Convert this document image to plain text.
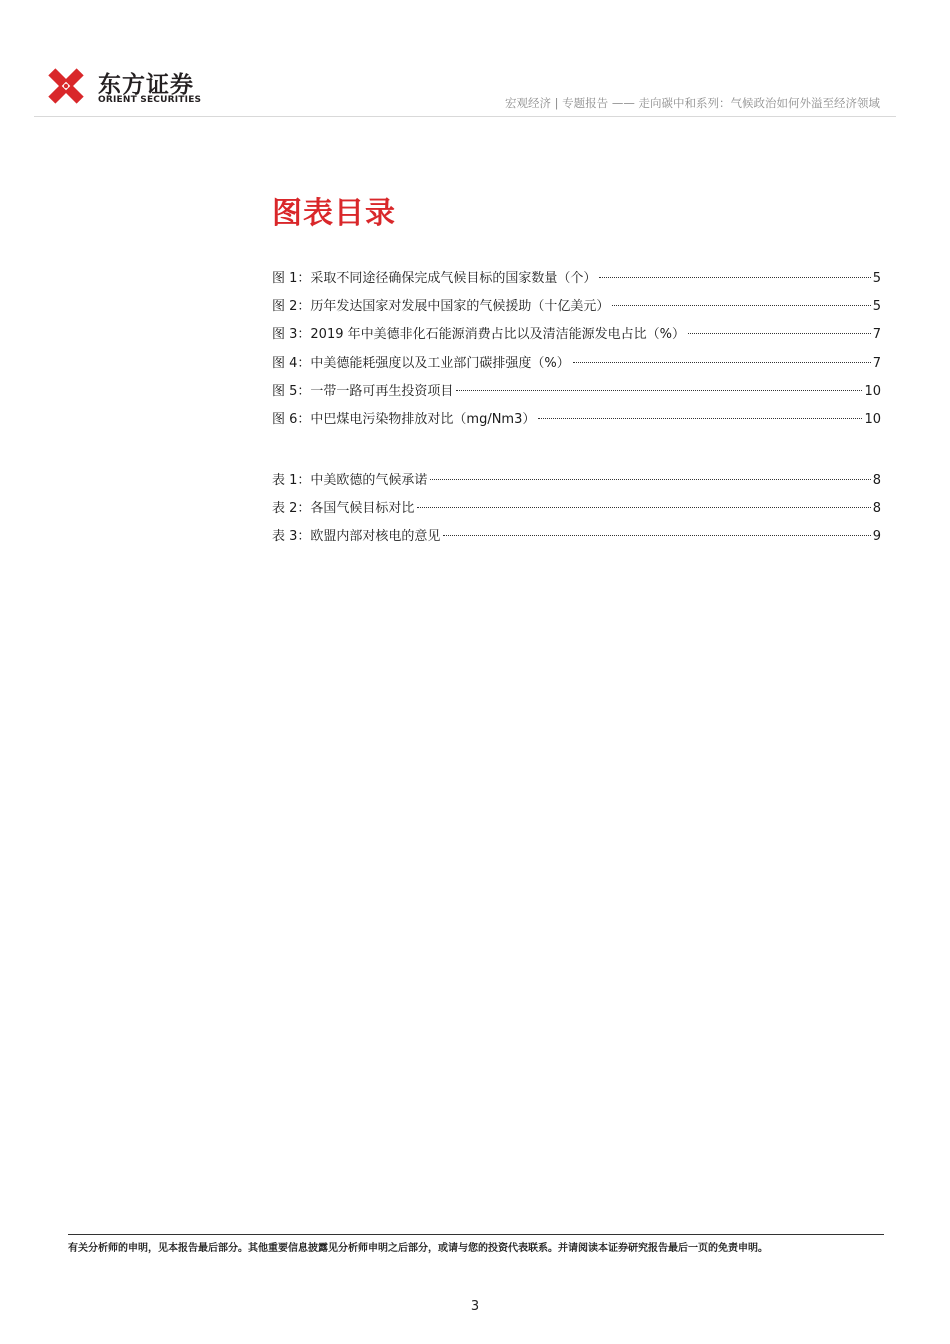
东方证券
ORIENT SECURITIES	宏观经济 | 专题报告 —— 走向碳中和系列：气候政治如何外溢至经济领域
图表目录
图 1：采取不同途径确保完成气候目标的国家数量（个）	5
图 2：历年发达国家对发展中国家的气候援助（十亿美元）	5
图 3：2019 年中美德非化石能源消费占比以及清洁能源发电占比（%）	7
图 4：中美德能耗强度以及工业部门碳排强度（%）	7
图 5：一带一路可再生投资项目	10
图 6：中巴煤电污染物排放对比（mg/Nm3）	10
表 1：中美欧德的气候承诺	8
表 2：各国气候目标对比	8
表 3：欧盟内部对核电的意见	9
有关分析师的申明，见本报告最后部分。其他重要信息披露见分析师申明之后部分，或请与您的投资代表联系。并请阅读本证券研究报告最后一页的免责申明。
3
